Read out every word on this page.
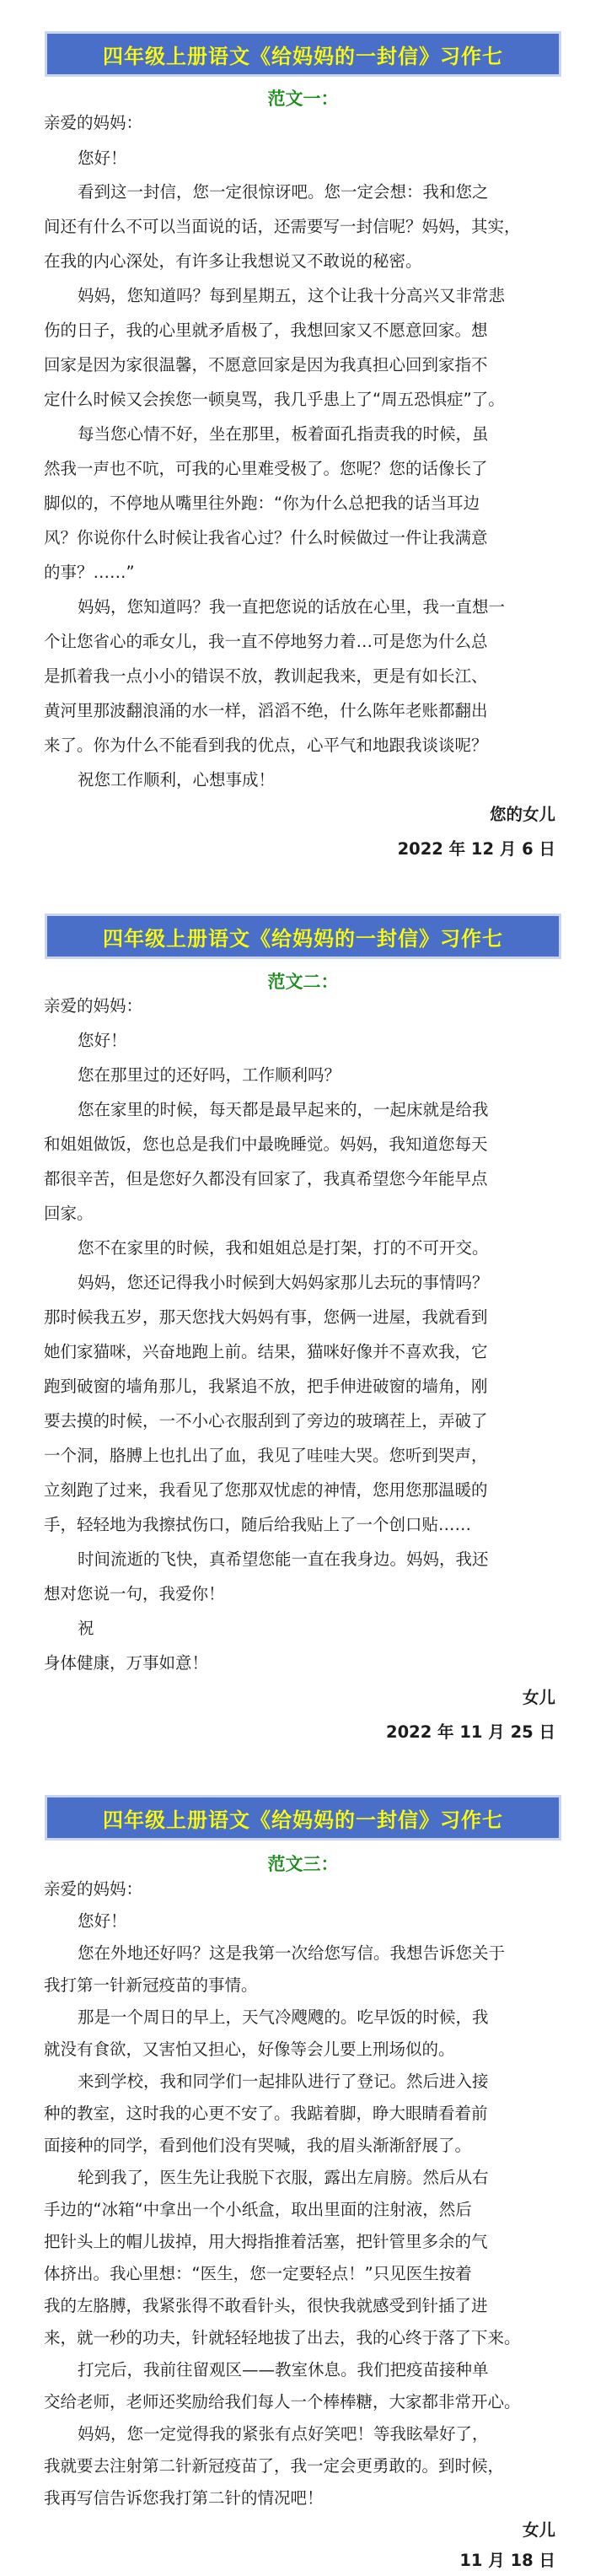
四年级上册语文《给妈妈的一封信》习作七
范文一：
亲爱的妈妈：
您好！
看到这一封信，您一定很惊讶吧。您一定会想：我和您之
间还有什么不可以当面说的话，还需要写一封信呢？妈妈，其实，
在我的内心深处，有许多让我想说又不敢说的秘密。
妈妈，您知道吗？每到星期五，这个让我十分高兴又非常悲
伤的日子，我的心里就矛盾极了，我想回家又不愿意回家。想
回家是因为家很温馨，不愿意回家是因为我真担心回到家指不
定什么时候又会挨您一顿臭骂，我几乎患上了“周五恐惧症”了。
每当您心情不好，坐在那里，板着面孔指责我的时候，虽
然我一声也不吭，可我的心里难受极了。您呢？您的话像长了
脚似的，不停地从嘴里往外跑：“你为什么总把我的话当耳边
风？你说你什么时候让我省心过？什么时候做过一件让我满意
的事？……”
妈妈，您知道吗？我一直把您说的话放在心里，我一直想一
个让您省心的乖女儿，我一直不停地努力着…可是您为什么总
是抓着我一点小小的错误不放，教训起我来，更是有如长江、
黄河里那波翻浪涌的水一样，滔滔不绝，什么陈年老账都翻出
来了。你为什么不能看到我的优点，心平气和地跟我谈谈呢？
祝您工作顺利，心想事成！
您的女儿
2022 年 12 月 6 日
四年级上册语文《给妈妈的一封信》习作七
范文二：
亲爱的妈妈：
您好！
您在那里过的还好吗，工作顺利吗？
您在家里的时候，每天都是最早起来的，一起床就是给我
和姐姐做饭，您也总是我们中最晚睡觉。妈妈，我知道您每天
都很辛苦，但是您好久都没有回家了，我真希望您今年能早点
回家。
您不在家里的时候，我和姐姐总是打架，打的不可开交。
妈妈，您还记得我小时候到大妈妈家那儿去玩的事情吗？
那时候我五岁，那天您找大妈妈有事，您俩一进屋，我就看到
她们家猫咪，兴奋地跑上前。结果，猫咪好像并不喜欢我，它
跑到破窗的墙角那儿，我紧追不放，把手伸进破窗的墙角，刚
要去摸的时候，一不小心衣服刮到了旁边的玻璃茬上，弄破了
一个洞，胳膊上也扎出了血，我见了哇哇大哭。您听到哭声，
立刻跑了过来，我看见了您那双忧虑的神情，您用您那温暖的
手，轻轻地为我擦拭伤口，随后给我贴上了一个创口贴……
时间流逝的飞快，真希望您能一直在我身边。妈妈，我还
想对您说一句，我爱你！
祝
身体健康，万事如意！
女儿
2022 年 11 月 25 日
四年级上册语文《给妈妈的一封信》习作七
范文三：
亲爱的妈妈：
您好！
您在外地还好吗？这是我第一次给您写信。我想告诉您关于
我打第一针新冠疫苗的事情。
那是一个周日的早上，天气冷飕飕的。吃早饭的时候，我
就没有食欲，又害怕又担心，好像等会儿要上刑场似的。
来到学校，我和同学们一起排队进行了登记。然后进入接
种的教室，这时我的心更不安了。我踮着脚，睁大眼睛看着前
面接种的同学，看到他们没有哭喊，我的眉头渐渐舒展了。
轮到我了，医生先让我脱下衣服，露出左肩膀。然后从右
手边的“冰箱“中拿出一个小纸盒，取出里面的注射液，然后
把针头上的帽儿拔掉，用大拇指推着活塞，把针管里多余的气
体挤出。我心里想：“医生，您一定要轻点！”只见医生按着
我的左胳膊，我紧张得不敢看针头，很快我就感受到针插了进
来，就一秒的功夫，针就轻轻地拔了出去，我的心终于落了下来。
打完后，我前往留观区——教室休息。我们把疫苗接种单
交给老师，老师还奖励给我们每人一个棒棒糖，大家都非常开心。
妈妈，您一定觉得我的紧张有点好笑吧！等我眩晕好了，
我就要去注射第二针新冠疫苗了，我一定会更勇敢的。到时候，
我再写信告诉您我打第二针的情况吧！
女儿
11 月 18 日
